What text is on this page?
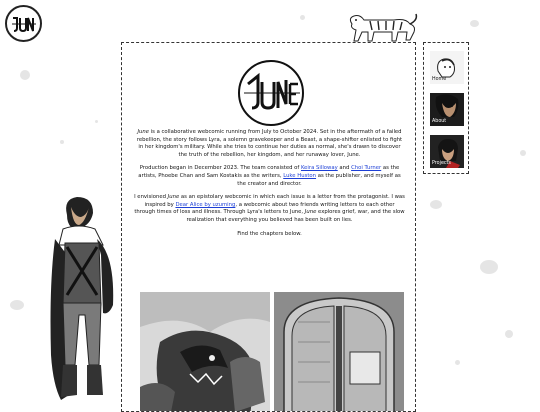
June is a collaborative webcomic running from July to October 2024. Set in the aftermath of a failed rebellion, the story follows Lyra, a solemn gravekeeper and a Beast, a shape-shifter enlisted to fight in her kingdom's military. While she tries to continue her duties as normal, she's drawn to discover the truth of the rebellion, her kingdom, and her runaway lover, June.

Production began in December 2023. The team consisted of Keira Silloway and Choi Turner as the artists, Phoebe Chan and Sam Kostakis as the writers, Luke Huston as the publisher, and myself as the creator and director.

I envisioned June as an epistolary webcomic in which each issue is a letter from the protagonist. I was inspired by Dear Alice by uzuming, a webcomic about two friends writing letters to each other through times of loss and illness. Through Lyra's letters to June, June explores grief, war, and the slow realization that everything you believed has been built on lies.

Find the chapters below.

Home
About
Projects
